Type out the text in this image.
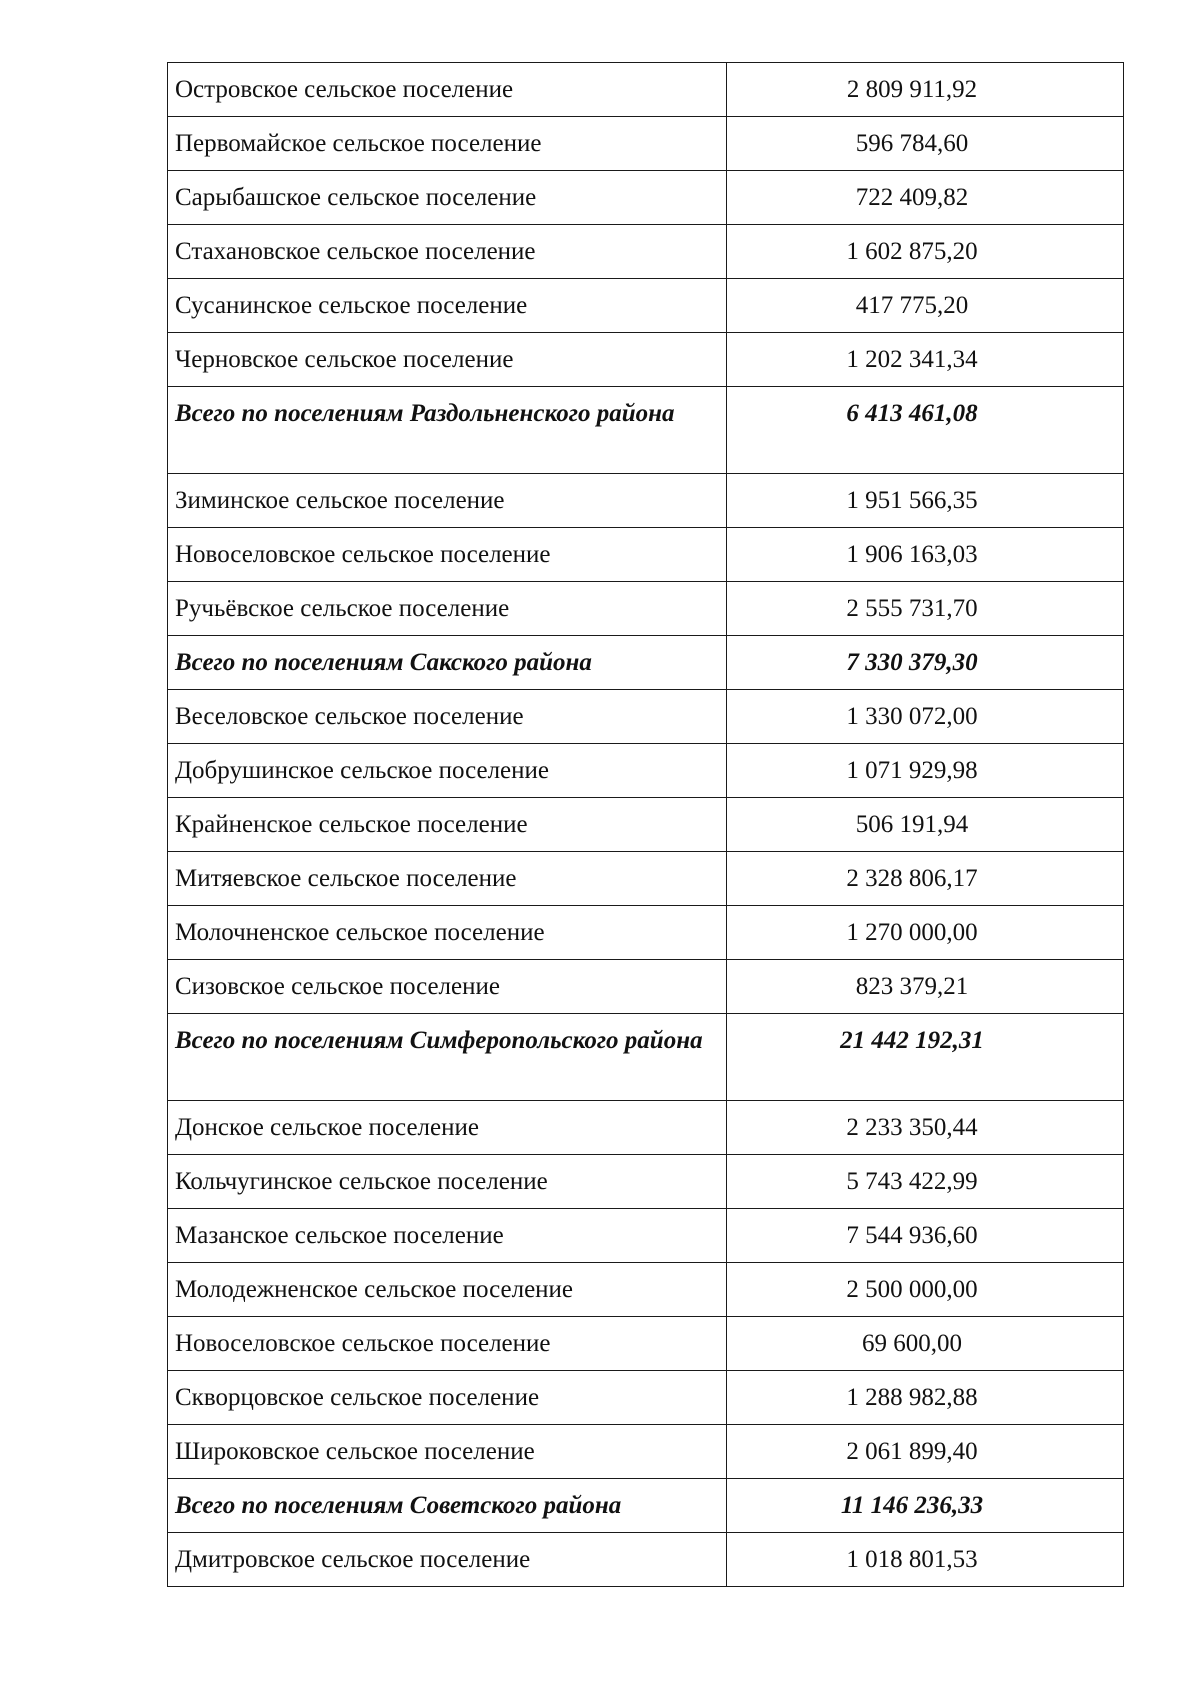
Островское сельское поселение	2 809 911,92
Первомайское сельское поселение	596 784,60
Сарыбашское сельское поселение	722 409,82
Стахановское сельское поселение	1 602 875,20
Сусанинское сельское поселение	417 775,20
Черновское сельское поселение	1 202 341,34
Всего по поселениям Раздольненского района	6 413 461,08
Зиминское сельское поселение	1 951 566,35
Новоселовское сельское поселение	1 906 163,03
Ручьёвское сельское поселение	2 555 731,70
Всего по поселениям Сакского района	7 330 379,30
Веселовское сельское поселение	1 330 072,00
Добрушинское сельское поселение	1 071 929,98
Крайненское сельское поселение	506 191,94
Митяевское сельское поселение	2 328 806,17
Молочненское сельское поселение	1 270 000,00
Сизовское сельское поселение	823 379,21
Всего по поселениям Симферопольского района	21 442 192,31
Донское сельское поселение	2 233 350,44
Кольчугинское сельское поселение	5 743 422,99
Мазанское сельское поселение	7 544 936,60
Молодежненское сельское поселение	2 500 000,00
Новоселовское сельское поселение	69 600,00
Скворцовское сельское поселение	1 288 982,88
Широковское сельское поселение	2 061 899,40
Всего по поселениям Советского района	11 146 236,33
Дмитровское сельское поселение	1 018 801,53
